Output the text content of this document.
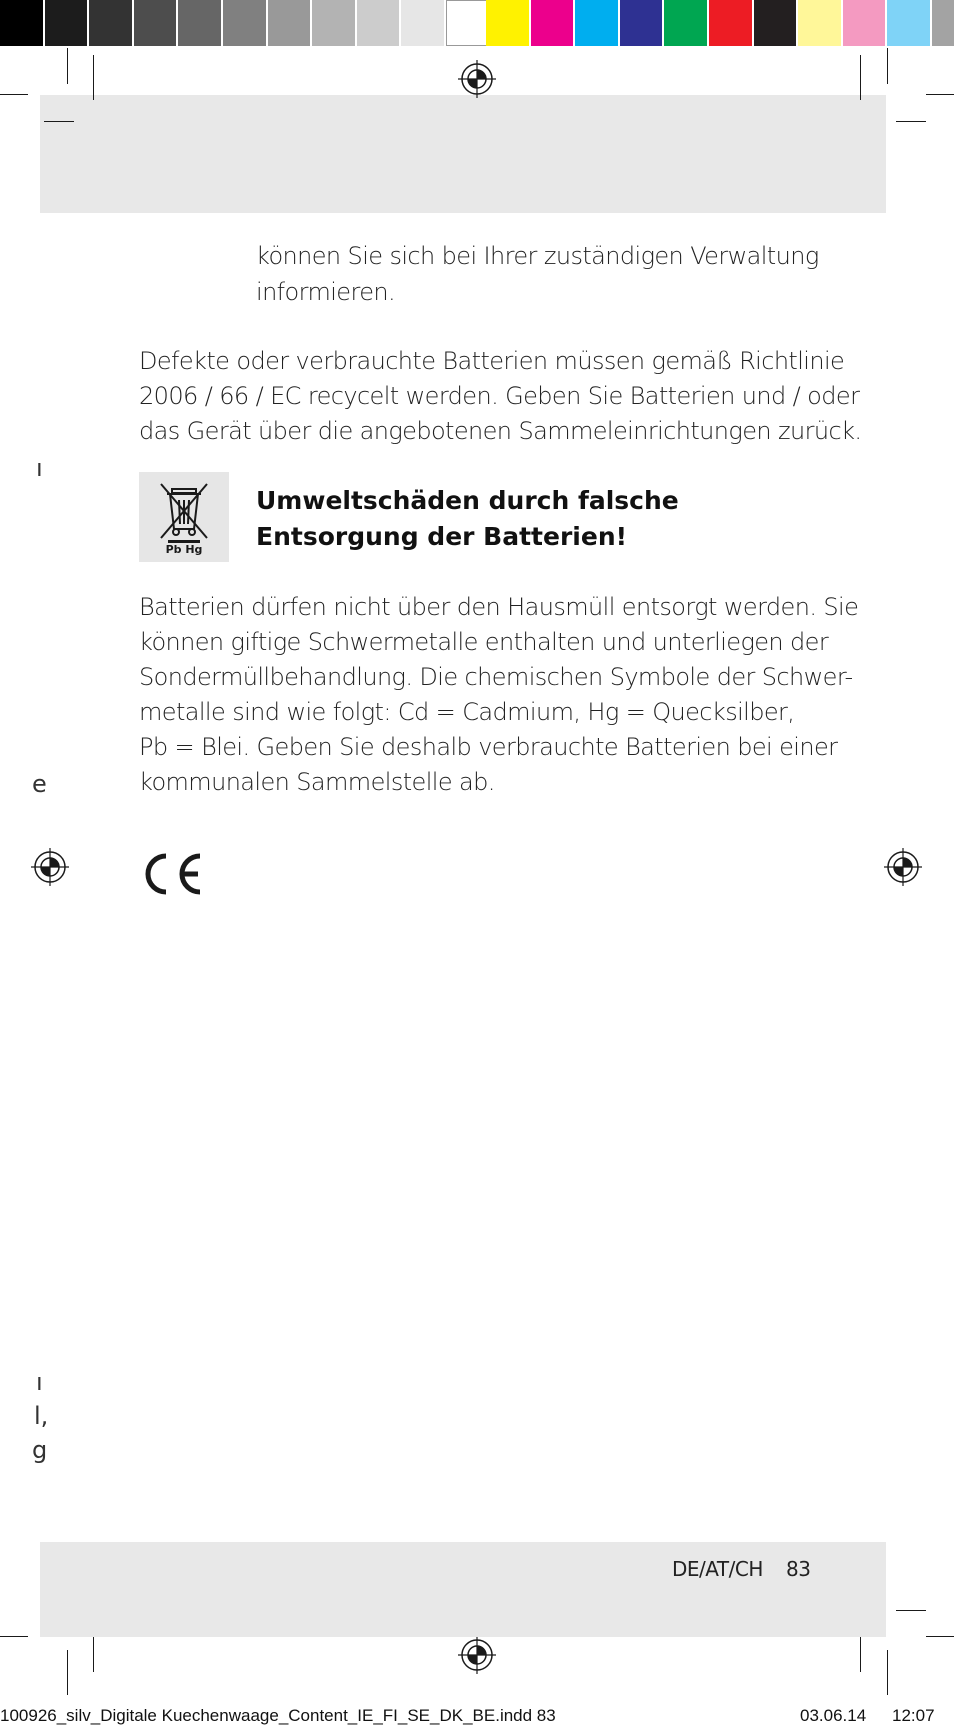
können Sie sich bei Ihrer zuständigen Verwaltung
informieren.
Defekte oder verbrauchte Batterien müssen gemäß Richtlinie
2006 / 66 / EC recycelt werden. Geben Sie Batterien und / oder
das Gerät über die angebotenen Sammeleinrichtungen zurück.
Pb Hg
Umweltschäden durch falsche
Entsorgung der Batterien!
Batterien dürfen nicht über den Hausmüll entsorgt werden. Sie
können giftige Schwermetalle enthalten und unterliegen der
Sondermüllbehandlung. Die chemischen Symbole der Schwer-
metalle sind wie folgt: Cd = Cadmium, Hg = Quecksilber,
Pb = Blei. Geben Sie deshalb verbrauchte Batterien bei einer
kommunalen Sammelstelle ab.
ı
e
ı
l,
g
DE/AT/CH 83
100926_silv_Digitale Kuechenwaage_Content_IE_FI_SE_DK_BE.indd 83	03.06.14 12:07
